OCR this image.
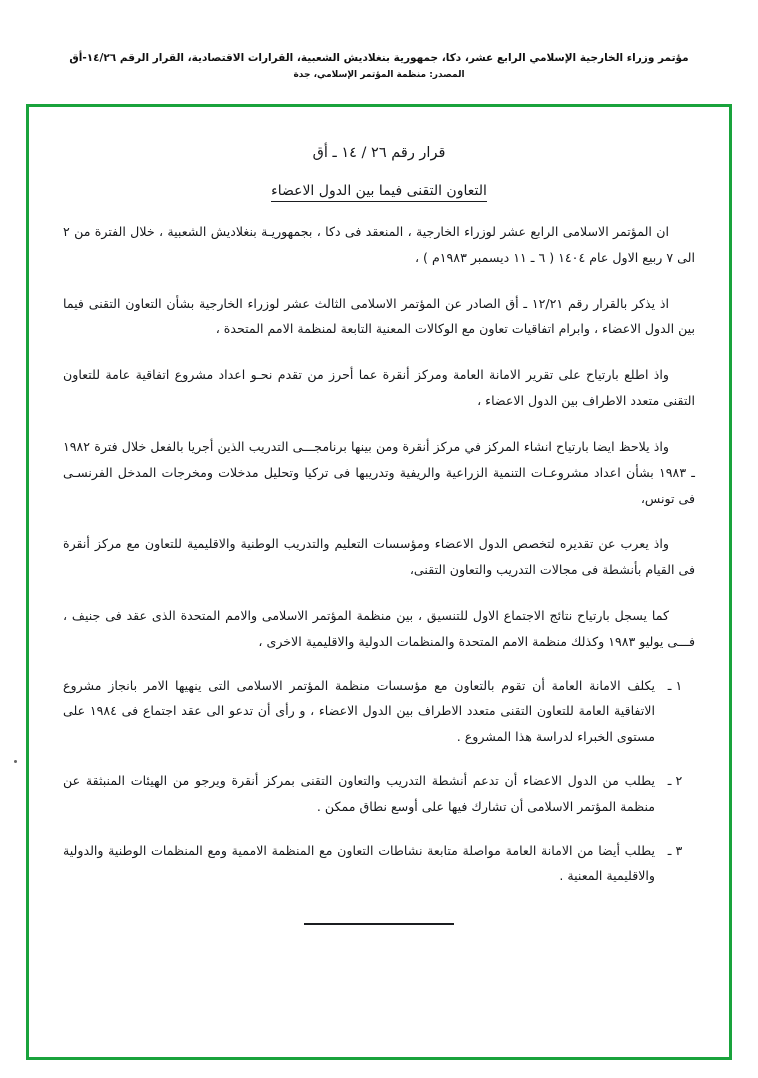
مؤتمر وزراء الخارجية الإسلامي الرابع عشر، دكا، جمهورية بنغلاديش الشعبية، القرارات الاقتصادية، القرار الرقم ١٤/٢٦-أق
المصدر: منظمة المؤتمر الإسلامي، جدة
قرار رقم ٢٦ / ١٤ ـ أق
التعاون التقنى فيما بين الدول الاعضاء
ان المؤتمر الاسلامى الرابع عشر لوزراء الخارجية ، المنعقد فى دكا ، بجمهوريـة بنغلاديش الشعبية ، خلال الفترة من ٢ الى ٧ ربيع الاول عام ١٤٠٤ ( ٦ ـ ١١ ديسمبر ١٩٨٣م ) ،
اذ يذكر بالقرار رقم ١٢/٢١ ـ أق الصادر عن المؤتمر الاسلامى الثالث عشر لوزراء الخارجية بشأن التعاون التقنى فيما بين الدول الاعضاء ، وابرام اتفاقيات تعاون مع الوكالات المعنية التابعة لمنظمة الامم المتحدة ،
واذ اطلع بارتياح على تقرير الامانة العامة ومركز أنقرة عما أحرز من تقدم نحـو اعداد مشروع اتفاقية عامة للتعاون التقنى متعدد الاطراف بين الدول الاعضاء ،
واذ يلاحظ ايضا بارتياح انشاء المركز في مركز أنقرة ومن بينها برنامجـــى التدريب الذين أجريا بالفعل خلال فترة ١٩٨٢ ـ ١٩٨٣ بشأن اعداد مشروعـات التنمية الزراعية والريفية وتدريبها فى تركيا وتحليل مدخلات ومخرجات المدخل الفرنسـى فى تونس،
واذ يعرب عن تقديره لتخصص الدول الاعضاء ومؤسسات التعليم والتدريب الوطنية والاقليمية للتعاون مع مركز أنقرة فى القيام بأنشطة فى مجالات التدريب والتعاون التقنى،
كما يسجل بارتياح نتائج الاجتماع الاول للتنسيق ، بين منظمة المؤتمر الاسلامى والامم المتحدة الذى عقد فى جنيف ، فـــى يوليو ١٩٨٣ وكذلك منظمة الامم المتحدة والمنظمات الدولية والاقليمية الاخرى ،
١ ـ
يكلف الامانة العامة أن تقوم بالتعاون مع مؤسسات منظمة المؤتمر الاسلامى التى ينهيها الامر بانجاز مشروع الاتفاقية العامة للتعاون التقنى متعدد الاطراف بين الدول الاعضاء ، و رأى أن تدعو الى عقد اجتماع فى ١٩٨٤ على مستوى الخبراء لدراسة هذا المشروع .
٢ ـ
يطلب من الدول الاعضاء أن تدعم أنشطة التدريب والتعاون التقنى بمركز أنقرة ويرجو من الهيئات المنبثقة عن منظمة المؤتمر الاسلامى أن تشارك فيها على أوسع نطاق ممكن .
٣ ـ
يطلب أيضا من الامانة العامة مواصلة متابعة نشاطات التعاون مع المنظمة الاممية ومع المنظمات الوطنية والدولية والاقليمية المعنية .
